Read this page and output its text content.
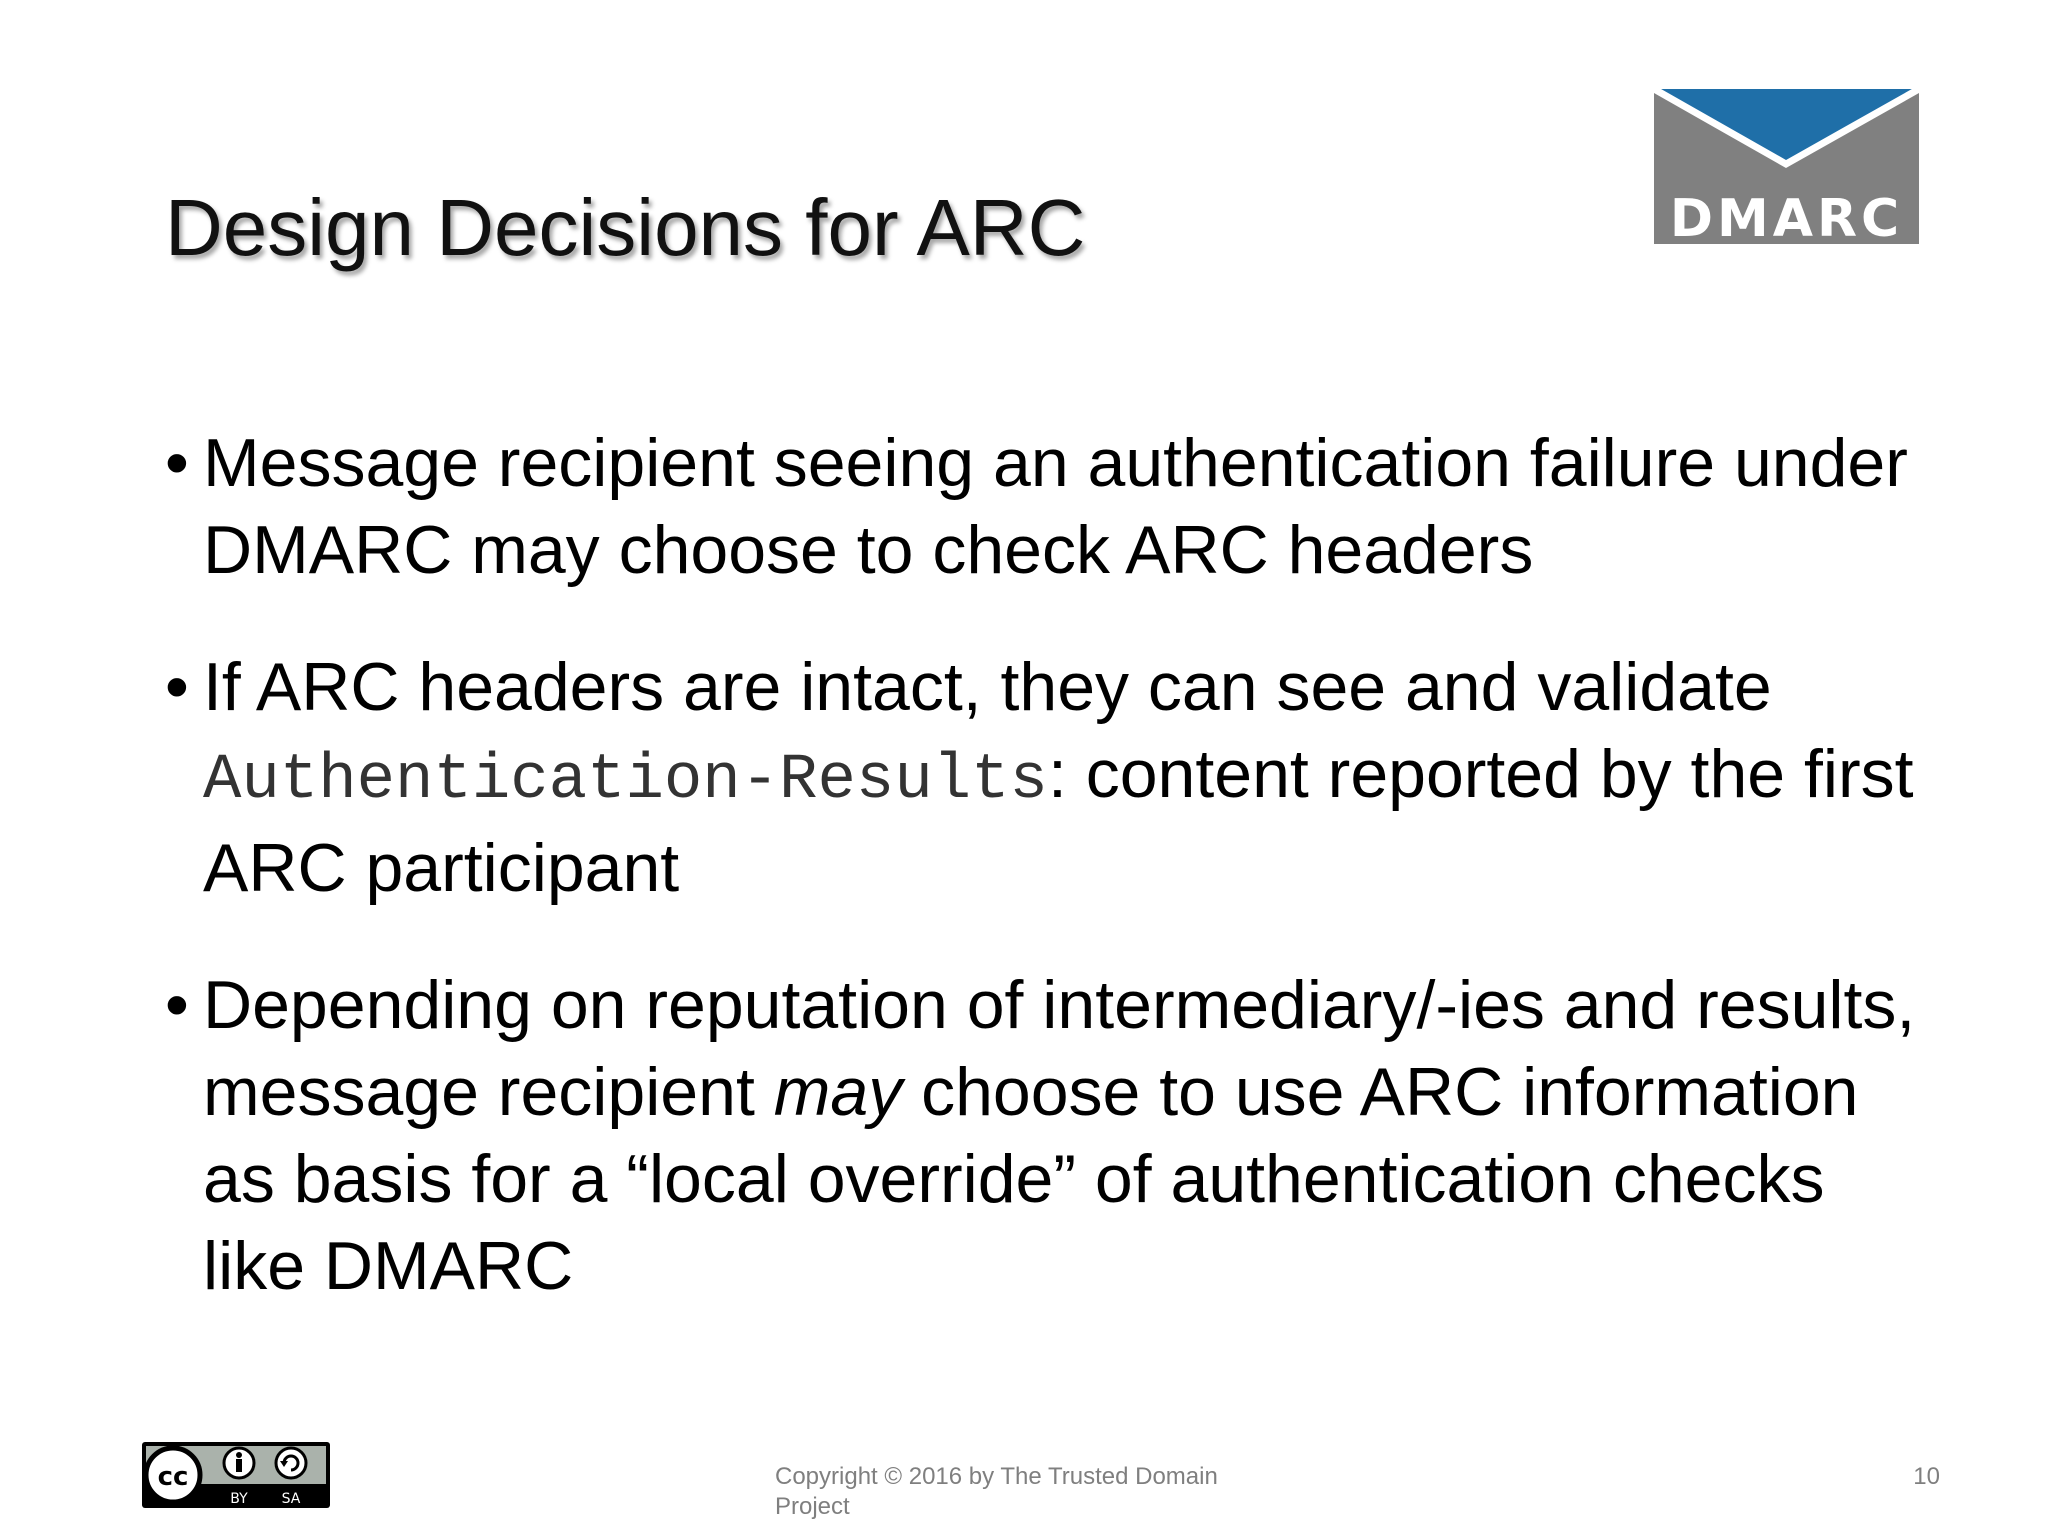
Design Decisions for ARC	DMARC
• Message recipient seeing an authentication failure under DMARC may choose to check ARC headers
• If ARC headers are intact, they can see and validate Authentication-Results: content reported by the first ARC participant
• Depending on reputation of intermediary/-ies and results, message recipient may choose to use ARC information as basis for a “local override” of authentication checks like DMARC
cc
BY SA
Copyright © 2016 by The Trusted Domain Project
10
